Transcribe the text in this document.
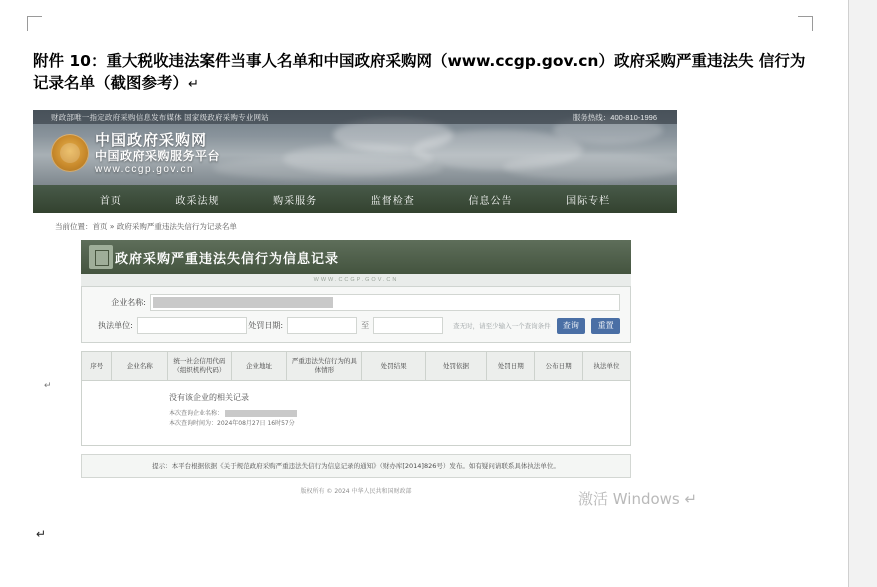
附件 10：重大税收违法案件当事人名单和中国政府采购网（www.ccgp.gov.cn）政府采购严重违法失 信行为记录名单（截图参考）↵
财政部唯一指定政府采购信息发布媒体 国家级政府采购专业网站	服务热线：400-810-1996
中国政府采购网
中国政府采购服务平台
www.ccgp.gov.cn
首页	政采法规	购采服务	监督检查	信息公告	国际专栏
当前位置：首页 » 政府采购严重违法失信行为记录名单
政府采购严重违法失信行为信息记录
WWW.CCGP.GOV.CN
企业名称:
执法单位:	处罚日期:	至	查无时，请至少输入一个查询条件	查询	重置
序号	企业名称	统一社会信用代码（组织机构代码）	企业地址	严重违法失信行为的具体情形	处罚结果	处罚依据	处罚日期	公布日期	执法单位

没有该企业的相关记录
本次查询企业名称：
本次查询时间为：2024年08月27日 16时57分
提示：本平台根据依据《关于规范政府采购严重违法失信行为信息记录的通知》（财办库[2014]826号）发布。如有疑问请联系具体执法单位。
版权所有 © 2024 中华人民共和国财政部
↵
激活 Windows ↵
↵
